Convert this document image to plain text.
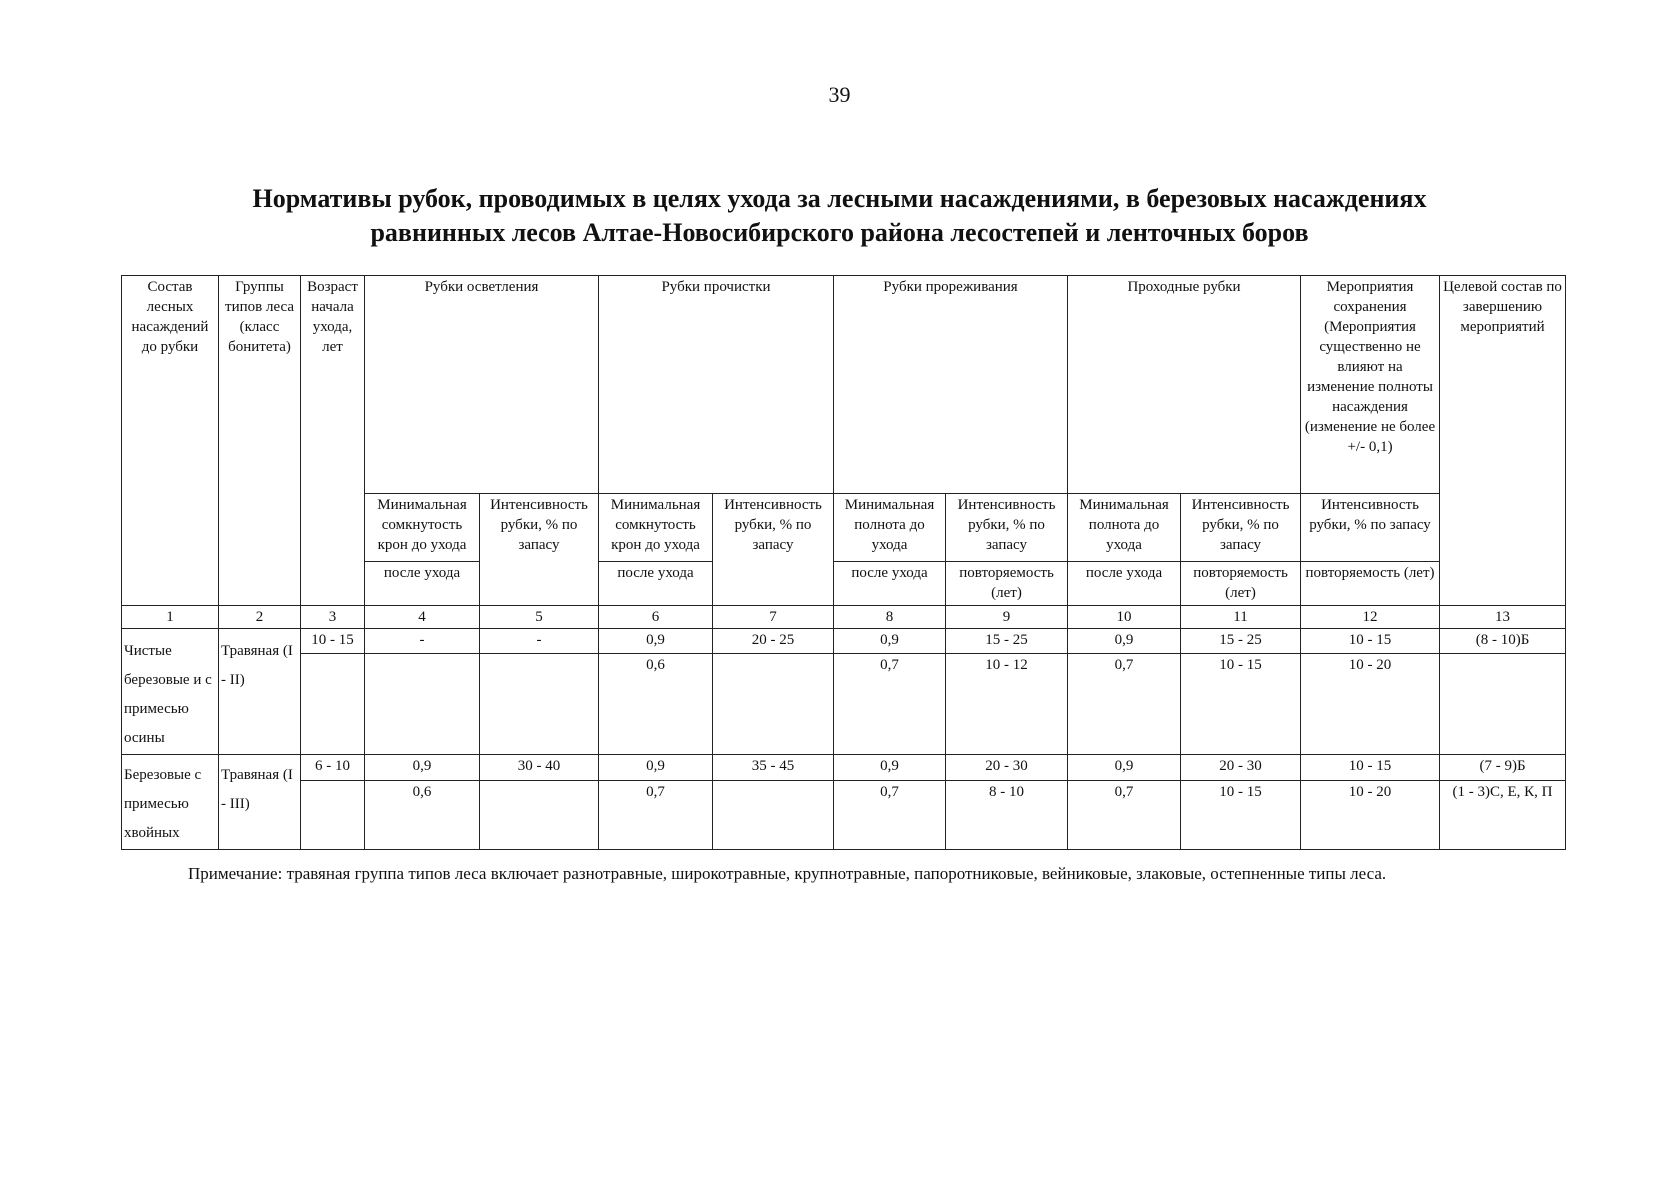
39
Нормативы рубок, проводимых в целях ухода за лесными насаждениями, в березовых насаждениях
равнинных лесов Алтае-Новосибирского района лесостепей и ленточных боров
Состав лесных насаждений до рубки	Группы типов леса (класс бонитета)	Возраст начала ухода, лет	Рубки осветления		Рубки прочистки		Рубки прореживания		Проходные рубки		Мероприятия сохранения (Мероприятия существенно не влияют на изменение полноты насаждения (изменение не более +/- 0,1)	Целевой состав по завершению мероприятий
			Минимальная сомкнутость крон до ухода	Интенсивность рубки, % по запасу	Минимальная сомкнутость крон до ухода	Интенсивность рубки, % по запасу	Минимальная полнота до ухода	Интенсивность рубки, % по запасу	Минимальная полнота до ухода	Интенсивность рубки, % по запасу	Интенсивность рубки, % по запасу	
			после ухода		после ухода		после ухода	повторяемость (лет)	после ухода	повторяемость (лет)	повторяемость (лет)	
1	2	3	4	5	6	7	8	9	10	11	12	13
Чистые березовые и с примесью осины	Травяная (I - II)	10 - 15	-	-	0,9	20 - 25	0,9	15 - 25	0,9	15 - 25	10 - 15	(8 - 10)Б
					0,6		0,7	10 - 12	0,7	10 - 15	10 - 20	
Березовые с примесью хвойных	Травяная (I - III)	6 - 10	0,9	30 - 40	0,9	35 - 45	0,9	20 - 30	0,9	20 - 30	10 - 15	(7 - 9)Б
			0,6		0,7		0,7	8 - 10	0,7	10 - 15	10 - 20	(1 - 3)С, Е, К, П
Примечание: травяная группа типов леса включает разнотравные, широкотравные, крупнотравные, папоротниковые, вейниковые, злаковые, остепненные типы леса.
